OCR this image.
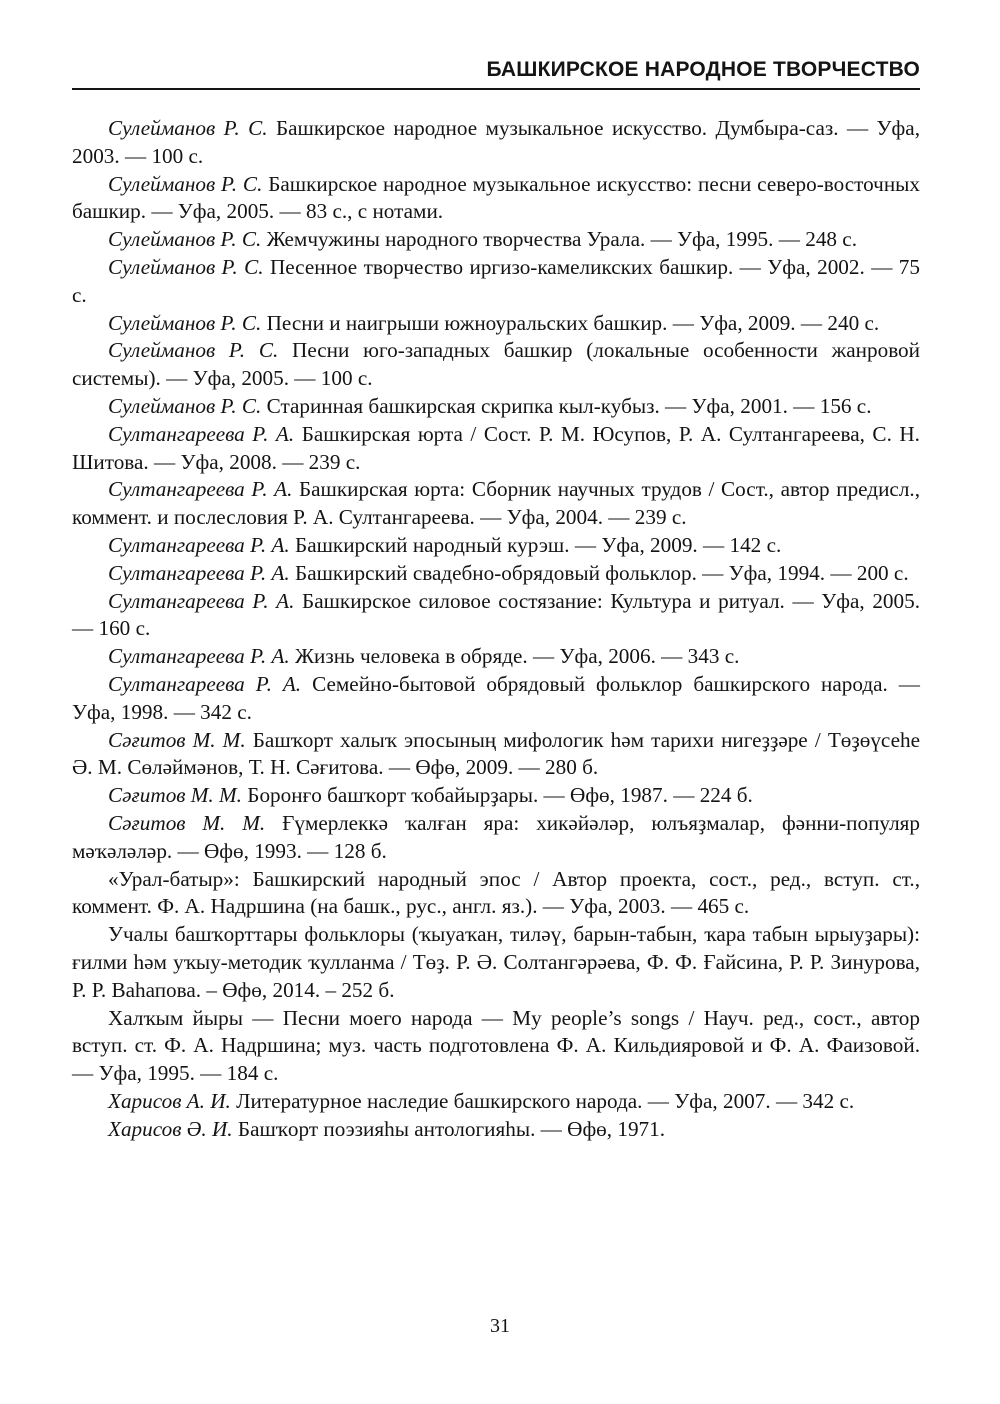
БАШКИРСКОЕ НАРОДНОЕ ТВОРЧЕСТВО
Сулейманов Р. С. Башкирское народное музыкальное искусство. Думбыра-саз. — Уфа, 2003. — 100 с.
Сулейманов Р. С. Башкирское народное музыкальное искусство: песни северо-восточных башкир. — Уфа, 2005. — 83 с., с нотами.
Сулейманов Р. С. Жемчужины народного творчества Урала. — Уфа, 1995. — 248 с.
Сулейманов Р. С. Песенное творчество иргизо-камеликских башкир. — Уфа, 2002. — 75 с.
Сулейманов Р. С. Песни и наигрыши южноуральских башкир. — Уфа, 2009. — 240 с.
Сулейманов Р. С. Песни юго-западных башкир (локальные особенности жанровой системы). — Уфа, 2005. — 100 с.
Сулейманов Р. С. Старинная башкирская скрипка кыл-кубыз. — Уфа, 2001. — 156 с.
Султангареева Р. А. Башкирская юрта / Сост. Р. М. Юсупов, Р. А. Султангареева, С. Н. Шитова. — Уфа, 2008. — 239 с.
Султангареева Р. А. Башкирская юрта: Сборник научных трудов / Сост., автор предисл., коммент. и послесловия Р. А. Султангареева. — Уфа, 2004. — 239 с.
Султангареева Р. А. Башкирский народный курэш. — Уфа, 2009. — 142 с.
Султангареева Р. А. Башкирский свадебно-обрядовый фольклор. — Уфа, 1994. — 200 с.
Султангареева Р. А. Башкирское силовое состязание: Культура и ритуал. — Уфа, 2005. — 160 с.
Султангареева Р. А. Жизнь человека в обряде. — Уфа, 2006. — 343 с.
Султангареева Р. А. Семейно-бытовой обрядовый фольклор башкирского народа. — Уфа, 1998. — 342 с.
Сәғитов М. М. Башҡорт халыҡ эпосының мифологик һәм тарихи нигеҙҙәре / Төҙөүсеһе Ә. М. Сөләймәнов, Т. Н. Сәғитова. — Өфө, 2009. — 280 б.
Сәғитов М. М. Боронғо башҡорт ҡобайырҙары. — Өфө, 1987. — 224 б.
Сәғитов М. М. Ғүмерлеккә ҡалған яра: хикәйәләр, юлъяҙмалар, фәнни-популяр мәҡәләләр. — Өфө, 1993. — 128 б.
«Урал-батыр»: Башкирский народный эпос / Автор проекта, сост., ред., вступ. ст., коммент. Ф. А. Надршина (на башк., рус., англ. яз.). — Уфа, 2003. — 465 с.
Учалы башҡорттары фольклоры (ҡыуаҡан, тиләү, барын-табын, ҡара табын ырыуҙары): ғилми һәм уҡыу-методик ҡулланма / Төҙ. Р. Ә. Солтангәрәева, Ф. Ф. Ғайсина, Р. Р. Зинурова, Р. Р. Ваһапова. – Өфө, 2014. – 252 б.
Халҡым йыры — Песни моего народа — My people’s songs / Науч. ред., сост., автор вступ. ст. Ф. А. Надршина; муз. часть подготовлена Ф. А. Кильдияровой и Ф. А. Фаизовой. — Уфа, 1995. — 184 с.
Харисов А. И. Литературное наследие башкирского народа. — Уфа, 2007. — 342 с.
Харисов Ә. И. Башҡорт поэзияһы антологияһы. — Өфө, 1971.
31
